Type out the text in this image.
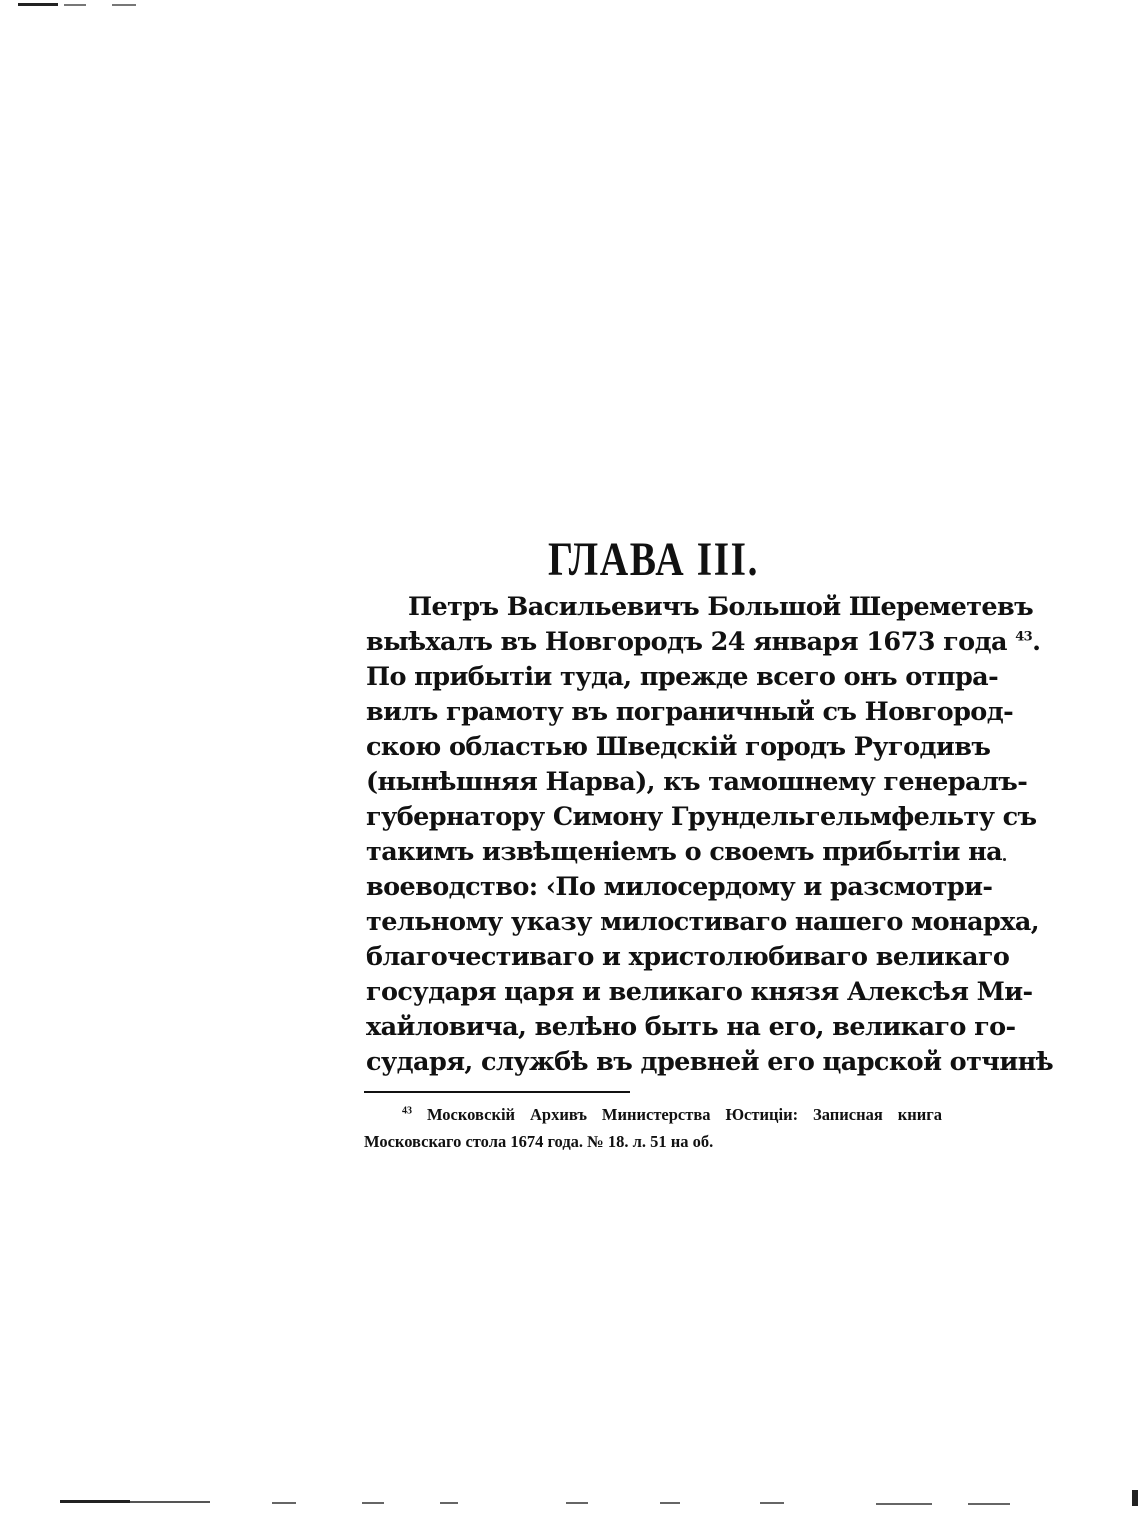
ГЛАВА III.
Петръ Васильевичъ Большой Шереметевъ
выѣхалъ въ Новгородъ 24 января 1673 года $^{43}$.
По прибытіи туда, прежде всего онъ отпра-
вилъ грамоту въ пограничный съ Новгород-
скою областью Шведскій городъ Ругодивъ
(нынѣшняя Нарва), къ тамошнему генералъ-
губернатору Симону Грундельгельмфельту съ
такимъ извѣщеніемъ о своемъ прибытіи на
воеводство: ‹По милосердому и разсмотри-
тельному указу милостиваго нашего монарха,
благочестиваго и христолюбиваго великаго
государя царя и великаго князя Алексѣя Ми-
хайловича, велѣно быть на его, великаго го-
сударя, службѣ въ древней его царской отчинѣ
$^{43}$ Московскій Архивъ Министерства Юстиціи: Записная книга
Московскаго стола 1674 года. № 18. л. 51 на об.
